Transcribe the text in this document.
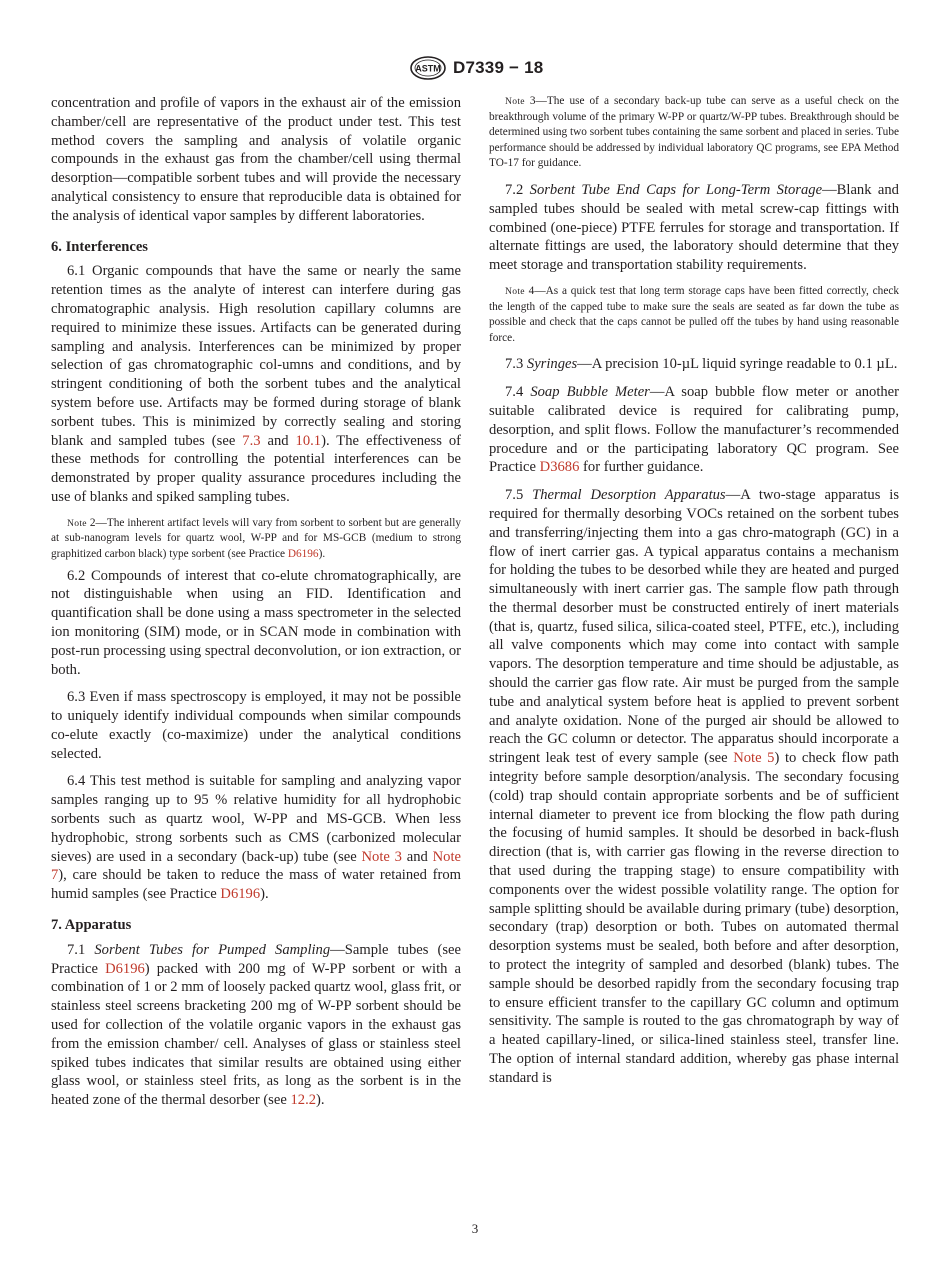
ASTM D7339 − 18

concentration and profile of vapors in the exhaust air of the emission chamber/cell are representative of the product under test. This test method covers the sampling and analysis of volatile organic compounds in the exhaust gas from the chamber/cell using thermal desorption—compatible sorbent tubes and will provide the necessary analytical consistency to ensure that reproducible data is obtained for the analysis of identical vapor samples by different laboratories.

6. Interferences

6.1 Organic compounds that have the same or nearly the same retention times as the analyte of interest can interfere during gas chromatographic analysis. High resolution capillary columns are required to minimize these issues. Artifacts can be generated during sampling and analysis. Interferences can be minimized by proper selection of gas chromatographic col-umns and conditions, and by stringent conditioning of both the sorbent tubes and the analytical system before use. Artifacts may be formed during storage of blank sorbent tubes. This is minimized by correctly sealing and storing blank and sampled tubes (see 7.3 and 10.1). The effectiveness of these methods for controlling the potential interferences can be demonstrated by proper quality assurance procedures including the use of blanks and spiked sampling tubes.

Note 2—The inherent artifact levels will vary from sorbent to sorbent but are generally at sub-nanogram levels for quartz wool, W-PP and for MS-GCB (medium to strong graphitized carbon black) type sorbent (see Practice D6196).

6.2 Compounds of interest that co-elute chromatographically, are not distinguishable when using an FID. Identification and quantification shall be done using a mass spectrometer in the selected ion monitoring (SIM) mode, or in SCAN mode in combination with post-run processing using spectral deconvolution, or ion extraction, or both.

6.3 Even if mass spectroscopy is employed, it may not be possible to uniquely identify individual compounds when similar compounds co-elute exactly (co-maximize) under the analytical conditions selected.

6.4 This test method is suitable for sampling and analyzing vapor samples ranging up to 95 % relative humidity for all hydrophobic sorbents such as quartz wool, W-PP and MS-GCB. When less hydrophobic, strong sorbents such as CMS (carbonized molecular sieves) are used in a secondary (back-up) tube (see Note 3 and Note 7), care should be taken to reduce the mass of water retained from humid samples (see Practice D6196).

7. Apparatus

7.1 Sorbent Tubes for Pumped Sampling—Sample tubes (see Practice D6196) packed with 200 mg of W-PP sorbent or with a combination of 1 or 2 mm of loosely packed quartz wool, glass frit, or stainless steel screens bracketing 200 mg of W-PP sorbent should be used for collection of the volatile organic vapors in the exhaust gas from the emission chamber/ cell. Analyses of glass or stainless steel spiked tubes indicates that similar results are obtained using either glass wool, or stainless steel frits, as long as the sorbent is in the heated zone of the thermal desorber (see 12.2).

Note 3—The use of a secondary back-up tube can serve as a useful check on the breakthrough volume of the primary W-PP or quartz/W-PP tubes. Breakthrough should be determined using two sorbent tubes containing the same sorbent and placed in series. Tube performance should be addressed by individual laboratory QC programs, see EPA Method TO-17 for guidance.

7.2 Sorbent Tube End Caps for Long-Term Storage—Blank and sampled tubes should be sealed with metal screw-cap fittings with combined (one-piece) PTFE ferrules for storage and transportation. If alternate fittings are used, the laboratory should determine that they meet storage and transportation stability requirements.

Note 4—As a quick test that long term storage caps have been fitted correctly, check the length of the capped tube to make sure the seals are seated as far down the tube as possible and check that the caps cannot be pulled off the tubes by hand using reasonable force.

7.3 Syringes—A precision 10-µL liquid syringe readable to 0.1 µL.

7.4 Soap Bubble Meter—A soap bubble flow meter or another suitable calibrated device is required for calibrating pump, desorption, and split flows. Follow the manufacturer’s recommended procedure and or the participating laboratory QC program. See Practice D3686 for further guidance.

7.5 Thermal Desorption Apparatus—A two-stage apparatus is required for thermally desorbing VOCs retained on the sorbent tubes and transferring/injecting them into a gas chro-matograph (GC) in a flow of inert carrier gas. A typical apparatus contains a mechanism for holding the tubes to be desorbed while they are heated and purged simultaneously with inert carrier gas. The sample flow path through the thermal desorber must be constructed entirely of inert materials (that is, quartz, fused silica, silica-coated steel, PTFE, etc.), including all valve components which may come into contact with sample vapors. The desorption temperature and time should be adjustable, as should the carrier gas flow rate. Air must be purged from the sample tube and analytical system before heat is applied to prevent sorbent and analyte oxidation. None of the purged air should be allowed to reach the GC column or detector. The apparatus should incorporate a stringent leak test of every sample (see Note 5) to check flow path integrity before sample desorption/analysis. The secondary focusing (cold) trap should contain appropriate sorbents and be of sufficient internal diameter to prevent ice from blocking the flow path during the focusing of humid samples. It should be desorbed in back-flush direction (that is, with carrier gas flowing in the reverse direction to that used during the trapping stage) to ensure compatibility with components over the widest possible volatility range. The option for sample splitting should be available during primary (tube) desorption, secondary (trap) desorption or both. Tubes on automated thermal desorption systems must be sealed, both before and after desorption, to protect the integrity of sampled and desorbed (blank) tubes. The sample should be desorbed rapidly from the secondary focusing trap to ensure efficient transfer to the capillary GC column and optimum sensitivity. The sample is routed to the gas chromatograph by way of a heated capillary-lined, or silica-lined stainless steel, transfer line. The option of internal standard addition, whereby gas phase internal standard is

3
